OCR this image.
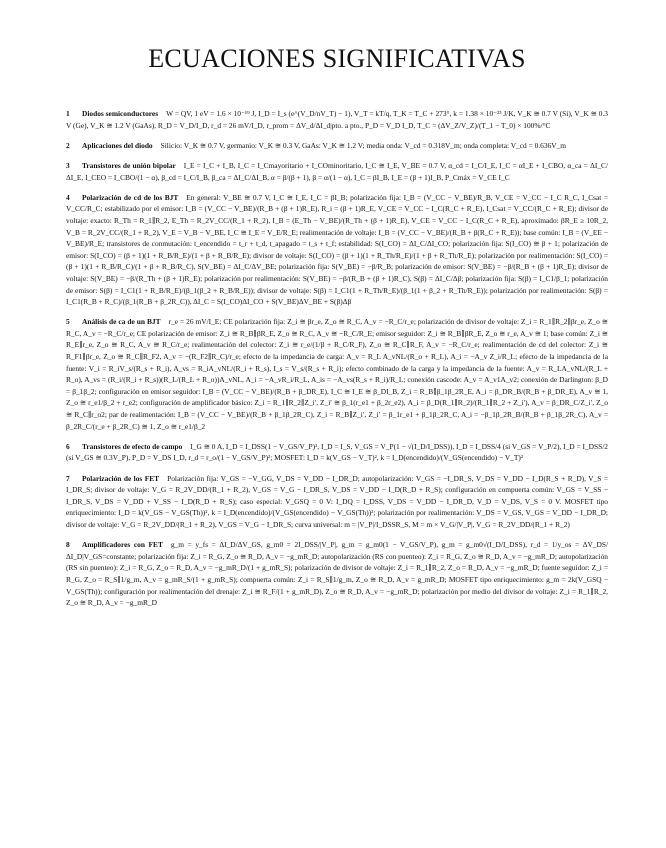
ECUACIONES SIGNIFICATIVAS
1 Diodos semiconductores W = QV, 1 eV = 1.6 × 10⁻¹⁹ J, I_D = I_s (e^(V_D/nV_T) − 1), V_T = kT/q, T_K = T_C + 273°, k = 1.38 × 10⁻²³ J/K, V_K ≅ 0.7 V (Si), V_K ≅ 0.3 V (Ge), V_K ≅ 1.2 V (GaAs), R_D = V_D/I_D, r_d = 26 mV/I_D, r_prom = ΔV_d/ΔI_d|pto. a pto., P_D = V_D I_D, T_C = (ΔV_Z/V_Z)/(T_1 − T_0) × 100%/°C
2 Aplicaciones del diodo Silicio: V_K ≅ 0.7 V, germanio: V_K ≅ 0.3 V, GaAs: V_K ≅ 1.2 V; media onda: V_cd = 0.318V_m; onda completa: V_cd = 0.636V_m
3 Transistores de unión bipolar I_E = I_C + I_B, I_C = I_Cmayoritario + I_COminoritario, I_C ≅ I_E, V_BE = 0.7 V, α_cd = I_C/I_E, I_C = αI_E + I_CBO, α_ca = ΔI_C/ΔI_E, I_CEO = I_CBO/(1 − α), β_cd = I_C/I_B, β_ca = ΔI_C/ΔI_B, α = β/(β + 1), β = α/(1 − α), I_C = βI_B, I_E = (β + 1)I_B, P_Cmáx = V_CE I_C
4 Polarización de cd de los BJT En general: V_BE ≅ 0.7 V, I_C ≅ I_E, I_C = βI_B; polarización fija: I_B = (V_CC − V_BE)/R_B, V_CE = V_CC − I_C R_C, I_Csat = V_CC/R_C; estabilizado por el emisor: I_B = (V_CC − V_BE)/(R_B + (β + 1)R_E), R_i = (β + 1)R_E, V_CE = V_CC − I_C(R_C + R_E), I_Csat = V_CC/(R_C + R_E); divisor de voltaje: exacto: R_Th = R_1∥R_2, E_Th = R_2V_CC/(R_1 + R_2), I_B = (E_Th − V_BE)/(R_Th + (β + 1)R_E), V_CE = V_CC − I_C(R_C + R_E), aproximado: βR_E ≥ 10R_2, V_B = R_2V_CC/(R_1 + R_2), V_E = V_B − V_BE, I_C ≅ I_E = V_E/R_E; realimentación de voltaje: I_B = (V_CC − V_BE)/(R_B + β(R_C + R_E)); base común: I_B = (V_EE − V_BE)/R_E; transistores de conmutación: t_encendido = t_r + t_d, t_apagado = t_s + t_f; estabilidad: S(I_CO) = ΔI_C/ΔI_CO; polarización fija: S(I_CO) ≅ β + 1; polarización de emisor: S(I_CO) = (β + 1)(1 + R_B/R_E)/(1 + β + R_B/R_E); divisor de voltaje: S(I_CO) = (β + 1)(1 + R_Th/R_E)/(1 + β + R_Th/R_E); polarización por realimentación: S(I_CO) = (β + 1)(1 + R_B/R_C)/(1 + β + R_B/R_C), S(V_BE) = ΔI_C/ΔV_BE; polarización fija: S(V_BE) = −β/R_B; polarización de emisor: S(V_BE) = −β/(R_B + (β + 1)R_E); divisor de voltaje: S(V_BE) = −β/(R_Th + (β + 1)R_E); polarización por realimentación: S(V_BE) = −β/(R_B + (β + 1)R_C), S(β) = ΔI_C/Δβ; polarización fija: S(β) = I_C1/β_1; polarización de emisor: S(β) = I_C1(1 + R_B/R_E)/(β_1(β_2 + R_B/R_E)); divisor de voltaje: S(β) = I_C1(1 + R_Th/R_E)/(β_1(1 + β_2 + R_Th/R_E)); polarización por realimentación: S(β) = I_C1(R_B + R_C)/(β_1(R_B + β_2R_C)), ΔI_C = S(I_CO)ΔI_CO + S(V_BE)ΔV_BE + S(β)Δβ
5 Análisis de ca de un BJT r_e = 26 mV/I_E; CE polarización fija: Z_i ≅ βr_e, Z_o ≅ R_C, A_v = −R_C/r_e; polarización de divisor de voltaje: Z_i = R_1∥R_2∥βr_e, Z_o ≅ R_C, A_v = −R_C/r_e; CE polarización de emisor: Z_i ≅ R_B∥βR_E, Z_o ≅ R_C, A_v ≅ −R_C/R_E; emisor seguidor: Z_i ≅ R_B∥βR_E, Z_o ≅ r_e, A_v ≅ 1; base común: Z_i ≅ R_E∥r_e, Z_o ≅ R_C, A_v ≅ R_C/r_e; realimentación del colector: Z_i ≅ r_e/(1/β + R_C/R_F), Z_o ≅ R_C∥R_F, A_v = −R_C/r_e; realimentación de cd del colector: Z_i ≅ R_F1∥βr_e, Z_o ≅ R_C∥R_F2, A_v = −(R_F2∥R_C)/r_e; efecto de la impedancia de carga: A_v = R_L A_vNL/(R_o + R_L), A_i = −A_v Z_i/R_L; efecto de la impedancia de la fuente: V_i = R_iV_s/(R_s + R_i), A_vs = R_iA_vNL/(R_i + R_s), I_s = V_s/(R_s + R_i); efecto combinado de la carga y la impedancia de la fuente: A_v = R_LA_vNL/(R_L + R_o), A_vs = (R_i/(R_i + R_s))(R_L/(R_L + R_o))A_vNL, A_i = −A_vR_i/R_L, A_is = −A_vs(R_s + R_i)/R_L; conexión cascode: A_v = A_v1A_v2; conexión de Darlington: β_D = β_1β_2; configuración en emisor seguidor: I_B = (V_CC − V_BE)/(R_B + β_DR_E), I_C ≅ I_E ≅ β_DI_B, Z_i = R_B∥β_1β_2R_E, A_i = β_DR_B/(R_B + β_DR_E), A_v ≅ 1, Z_o ≅ r_e1/β_2 + r_e2; configuración de amplificador básico: Z_i = R_1∥R_2∥Z_i′, Z_i′ ≅ β_1(r_e1 + β_2r_e2), A_i = β_D(R_1∥R_2)/(R_1∥R_2 + Z_i′), A_v = β_DR_C/Z_i′, Z_o ≅ R_C∥r_o2; par de realimentación: I_B = (V_CC − V_BE)/(R_B + β_1β_2R_C), Z_i = R_B∥Z_i′, Z_i′ = β_1r_e1 + β_1β_2R_C, A_i = −β_1β_2R_B/(R_B + β_1β_2R_C), A_v = β_2R_C/(r_e + β_2R_C) ≅ 1, Z_o ≅ r_e1/β_2
6 Transistores de efecto de campo I_G ≅ 0 A, I_D = I_DSS(1 − V_GS/V_P)², I_D = I_S, V_GS = V_P(1 − √(I_D/I_DSS)), I_D = I_DSS/4 (si V_GS = V_P/2), I_D = I_DSS/2 (si V_GS ≅ 0.3V_P), P_D = V_DS I_D, r_d = r_o/(1 − V_GS/V_P)²; MOSFET: I_D = k(V_GS − V_T)², k = I_D(encendido)/(V_GS(encendido) − V_T)²
7 Polarización de los FET Polarización fija: V_GS = −V_GG, V_DS = V_DD − I_DR_D; autopolarización: V_GS = −I_DR_S, V_DS = V_DD − I_D(R_S + R_D), V_S = I_DR_S; divisor de voltaje: V_G = R_2V_DD/(R_1 + R_2), V_GS = V_G − I_DR_S, V_DS = V_DD − I_D(R_D + R_S); configuración en compuerta común: V_GS = V_SS − I_DR_S, V_DS = V_DD + V_SS − I_D(R_D + R_S); caso especial: V_GSQ = 0 V: I_DQ = I_DSS, V_DS = V_DD − I_DR_D, V_D = V_DS, V_S = 0 V. MOSFET tipo enriquecimiento: I_D = k(V_GS − V_GS(Th))², k = I_D(encendido)/(V_GS(encendido) − V_GS(Th))²; polarización por realimentación: V_DS = V_GS, V_GS = V_DD − I_DR_D; divisor de voltaje: V_G = R_2V_DD/(R_1 + R_2), V_GS = V_G − I_DR_S; curva universal: m = |V_P|/I_DSSR_S, M = m × V_G/|V_P|, V_G = R_2V_DD/(R_1 + R_2)
8 Amplificadores con FET g_m = y_fs = ΔI_D/ΔV_GS, g_m0 = 2I_DSS/|V_P|, g_m = g_m0(1 − V_GS/V_P), g_m = g_m0√(I_D/I_DSS), r_d = 1/y_os = ΔV_DS/ΔI_D|V_GS=constante; polarización fija: Z_i = R_G, Z_o ≅ R_D, A_v = −g_mR_D; autopolarización (RS con puenteo): Z_i = R_G, Z_o ≅ R_D, A_v = −g_mR_D; autopolarización (RS sin puenteo): Z_i = R_G, Z_o = R_D, A_v = −g_mR_D/(1 + g_mR_S); polarización de divisor de voltaje: Z_i = R_1∥R_2, Z_o = R_D, A_v = −g_mR_D; fuente seguidor: Z_i = R_G, Z_o = R_S∥1/g_m, A_v = g_mR_S/(1 + g_mR_S); compuerta común: Z_i = R_S∥1/g_m, Z_o ≅ R_D, A_v = g_mR_D; MOSFET tipo enriquecimiento: g_m = 2k(V_GSQ − V_GS(Th)); configuración por realimentación del drenaje: Z_i ≅ R_F/(1 + g_mR_D), Z_o ≅ R_D, A_v = −g_mR_D; polarización por medio del divisor de voltaje: Z_i = R_1∥R_2, Z_o ≅ R_D, A_v = −g_mR_D
